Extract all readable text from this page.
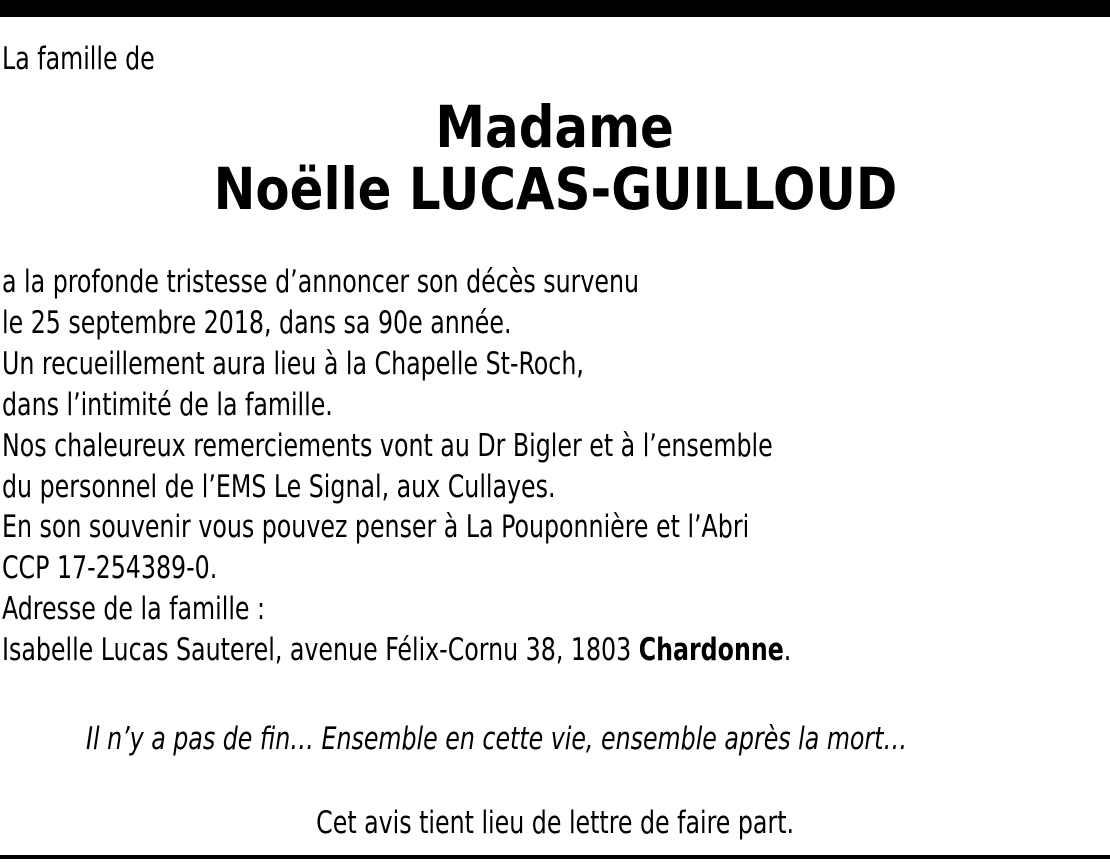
La famille de
Madame
Noëlle LUCAS-GUILLOUD
a la profonde tristesse d’annoncer son décès survenu
le 25 septembre 2018, dans sa 90e année.
Un recueillement aura lieu à la Chapelle St-Roch,
dans l’intimité de la famille.
Nos chaleureux remerciements vont au Dr Bigler et à l’ensemble
du personnel de l’EMS Le Signal, aux Cullayes.
En son souvenir vous pouvez penser à La Pouponnière et l’Abri
CCP 17-254389-0.
Adresse de la famille :
Isabelle Lucas Sauterel, avenue Félix-Cornu 38, 1803 Chardonne.
Il n’y a pas de fin… Ensemble en cette vie, ensemble après la mort…
Cet avis tient lieu de lettre de faire part.
